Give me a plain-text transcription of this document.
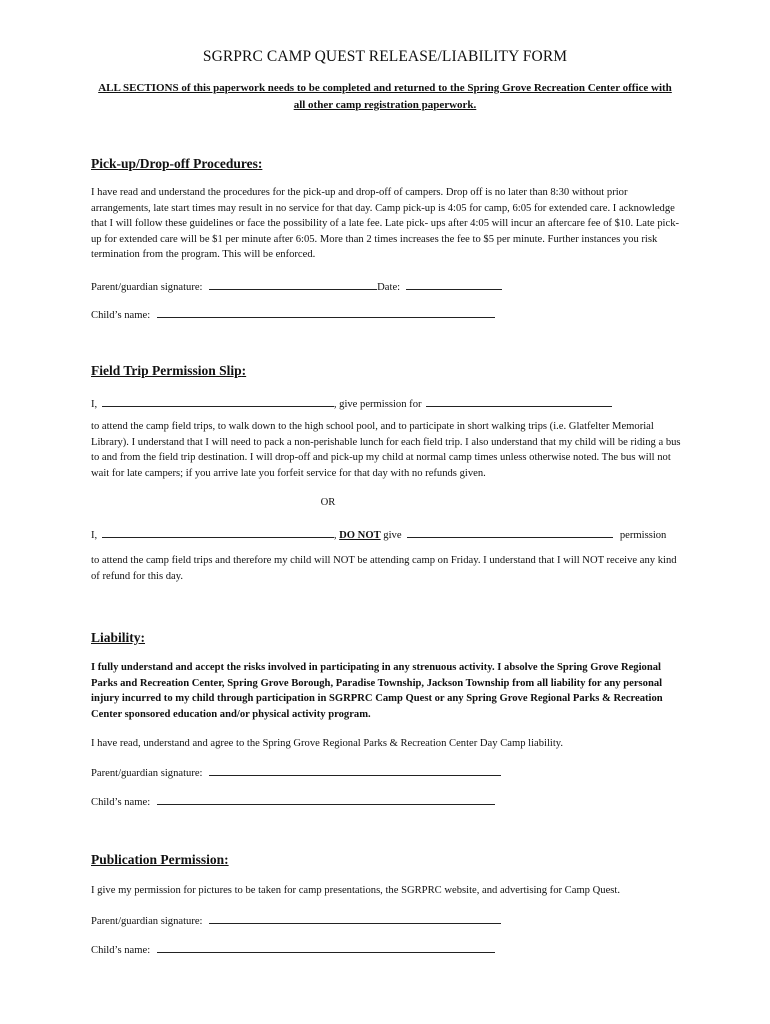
SGRPRC CAMP QUEST RELEASE/LIABILITY FORM
ALL SECTIONS of this paperwork needs to be completed and returned to the Spring Grove Recreation Center office with all other camp registration paperwork.
Pick-up/Drop-off Procedures:
I have read and understand the procedures for the pick-up and drop-off of campers. Drop off is no later than 8:30 without prior arrangements, late start times may result in no service for that day. Camp pick-up is 4:05 for camp, 6:05 for extended care. I acknowledge that I will follow these guidelines or face the possibility of a late fee. Late pick- ups after 4:05 will incur an aftercare fee of $10. Late pick-up for extended care will be $1 per minute after 6:05. More than 2 times increases the fee to $5 per minute. Further instances you risk termination from the program. This will be enforced.
Parent/guardian signature:	Date:
Child’s name:
Field Trip Permission Slip:
I,	, give permission for
to attend the camp field trips, to walk down to the high school pool, and to participate in short walking trips (i.e. Glatfelter Memorial Library). I understand that I will need to pack a non-perishable lunch for each field trip. I also understand that my child will be riding a bus to and from the field trip destination. I will drop-off and pick-up my child at normal camp times unless otherwise noted. The bus will not wait for late campers; if you arrive late you forfeit service for that day with no refunds given.
OR
I,	, DO NOT give	permission
to attend the camp field trips and therefore my child will NOT be attending camp on Friday. I understand that I will NOT receive any kind of refund for this day.
Liability:
I fully understand and accept the risks involved in participating in any strenuous activity. I absolve the Spring Grove Regional Parks and Recreation Center, Spring Grove Borough, Paradise Township, Jackson Township from all liability for any personal injury incurred to my child through participation in SGRPRC Camp Quest or any Spring Grove Regional Parks & Recreation Center sponsored education and/or physical activity program.
I have read, understand and agree to the Spring Grove Regional Parks & Recreation Center Day Camp liability.
Parent/guardian signature:
Child’s name:
Publication Permission:
I give my permission for pictures to be taken for camp presentations, the SGRPRC website, and advertising for Camp Quest.
Parent/guardian signature:
Child’s name:
